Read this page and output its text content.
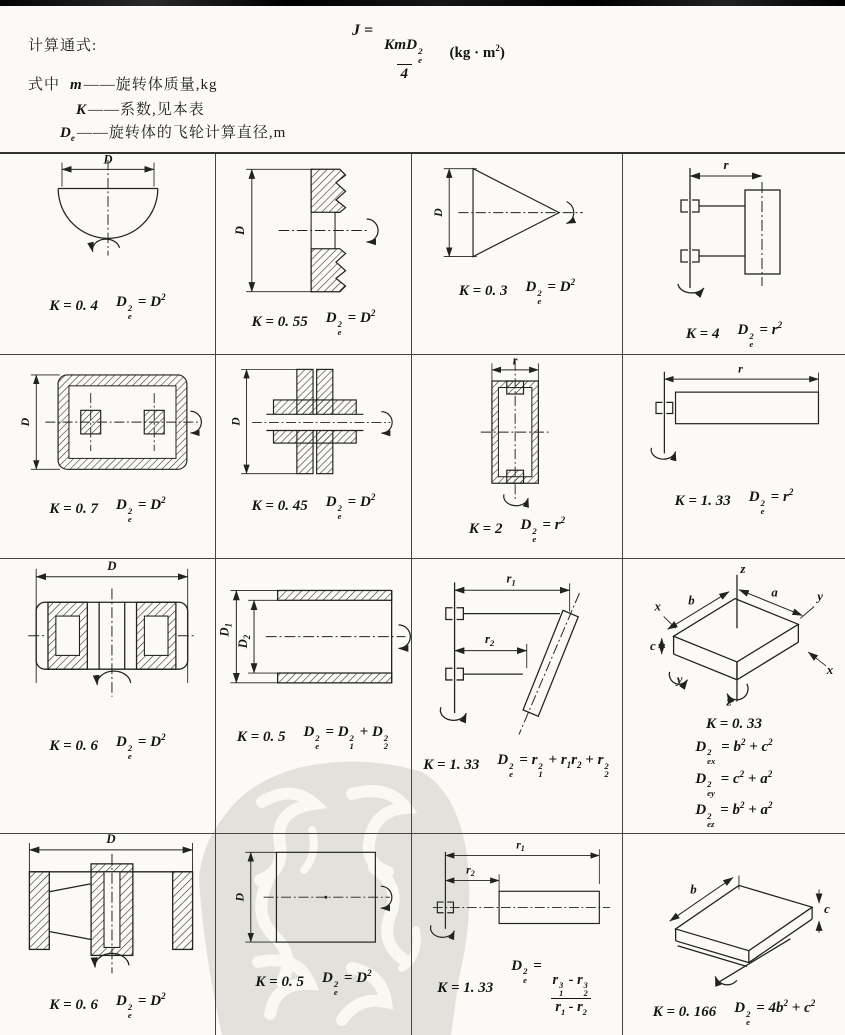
计算通式:
J =
KmD 2
e
4 $(kg \cdot m^2)$
式中 m ——旋转体质量,kg
K ——系数,见本表
$D_e$ ——旋转体的飞轮计算直径,m
D
K = 0. 4 D 2
e
= $D^2$
D
K = 0. 55 D 2
e
= $D^2$
D
K = 0. 3 D 2
e
= $D^2$
r
K = 4 D 2
e
= $r^2$
D
K = 0. 7 D 2
e
= $D^2$
D
K = 0. 45 D 2
e
= $D^2$
r
K = 2 D 2
e
= $r^2$
r
K = 1. 33 D 2
e
= $r^2$
D
K = 0. 6 D 2
e
= $D^2$
$D_1$
$D_2$
K = 0. 5 D 2
e
= D 2
1
+ D 2
2
$r_1$
$r_2$
K = 1. 33 D 2
e
= r 2
1
+ $r_1r_2 + r$ 2
2
z
z
b
a
c
x
x
y
y
K = 0. 33
D 2
ex
= $b^2 + c^2$
D 2
ey
= $c^2 + a^2$
D 2
ez
= $b^2 + a^2$
D
K = 0. 6 D 2
e
= $D^2$
D
K = 0. 5 D 2
e
= $D^2$
$r_1$
$r_2$
K = 1. 33
D 2
e
=
r 3
1
- r 3
2
$r_1 - r_2$
b
c
K = 0. 166 D 2
e
= $4b^2 + c^2$
